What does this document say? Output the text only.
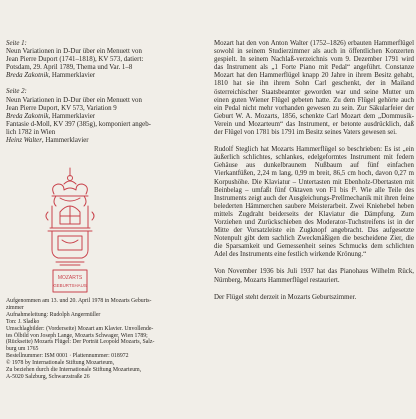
Seite 1:
Neun Variationen in D-Dur über ein Menuett von
Jean Pierre Duport (1741–1818), KV 573, datiert:
Potsdam, 29. April 1789, Thema und Var. 1–8
Breda Zakotnik, Hammerklavier
Seite 2:
Neun Variationen in D-Dur über ein Menuett von
Jean Pierre Duport, KV 573, Variation 9
Breda Zakotnik, Hammerklavier
Fantasie d-Moll, KV 397 (385g), komponiert angeb-
lich 1782 in Wien
Heinz Walter, Hammerklavier
MOZARTS
GEBURTSHAUS

Aufgenommen am 13. und 20. April 1978 in Mozarts Geburts-

zimmer

Aufnahmeleitung: Rudolph Angermüller

Ton: J. Sladko

Umschlagbilder: (Vorderseite) Mozart am Klavier. Unvollende-

tes Ölbild von Joseph Lange, Mozarts Schwager, Wien 1789;

(Rückseite) Mozarts Flügel: Der Porträt Leopold Mozarts, Salz-

burg um 1765

Bestellnummer: ISM 0001 · Plattennummer: 018972

© 1978 by Internationale Stiftung Mozarteum,

Zu beziehen durch die Internationale Stiftung Mozarteum,

A-5020 Salzburg, Schwarzstraße 26

Mozart hat den von Anton Walter (1752–1826) erbauten Hammerflügel sowohl in seinem Studierzimmer als auch in öffentlichen Konzerten gespielt. In seinem Nachlaß-verzeichnis vom 9. Dezember 1791 wird das Instrument als „1 Forte Piano mit Pedal“ angeführt. Constanze Mozart hat den Hammerflügel knapp 20 Jahre in ihrem Besitz gehabt, 1810 hat sie ihn ihrem Sohn Carl geschenkt, der in Mailand österreichischer Staatsbeamter geworden war und seine Mutter um einen guten Wiener Flügel gebeten hatte. Zu dem Flügel gehörte auch ein Pedal nicht mehr vorhanden gewesen zu sein. Zur Säkularfeier der Geburt W. A. Mozarts, 1856, schenkte Carl Mozart dem „Dommusik-Verein und Mozarteum“ das Instrument, er betonte ausdrücklich, daß der Flügel von 1781 bis 1791 im Besitz seines Vaters gewesen sei.

Rudolf Steglich hat Mozarts Hammerflügel so beschrieben: Es ist „ein äußerlich schlichtes, schlankes, edelgeformtes Instrument mit federn Gehäuse aus dunkelbraunem Nußbaum auf fünf einfachen Vierkantfüßen, 2,24 m lang, 0,99 m breit, 86,5 cm hoch, davon 0,27 m Korpushöhe. Die Klaviatur – Untertasten mit Ebenholz-Obertasten mit Beinbelag – umfaßt fünf Oktaven von F1 bis f³. Wie alle Teile des Instruments zeigt auch der Ausgleichungs-Prellmechanik mit ihren feine belederten Hämmerchen saubere Meisterarbeit. Zwei Kniehebel heben mittels Zugdraht beiderseits der Klaviatur die Dämpfung. Zum Vorziehen und Zurückschieben des Moderator-Tuchstreifens ist in der Mitte der Vorsatzleiste ein Zugknopf angebracht. Das aufgesetzte Notenpult gibt dem sachlich Zweckmäßigen die bescheidene Zier, die die Sparsamkeit und Gemessenheit seines Schmucks dem schlichten Adel des Instruments eine festlich wirkende Krönung.“

Von November 1936 bis Juli 1937 hat das Pianohaus Wilhelm Rück, Nürnberg, Mozarts Hammerflügel restauriert.

Der Flügel steht derzeit in Mozarts Geburtszimmer.
